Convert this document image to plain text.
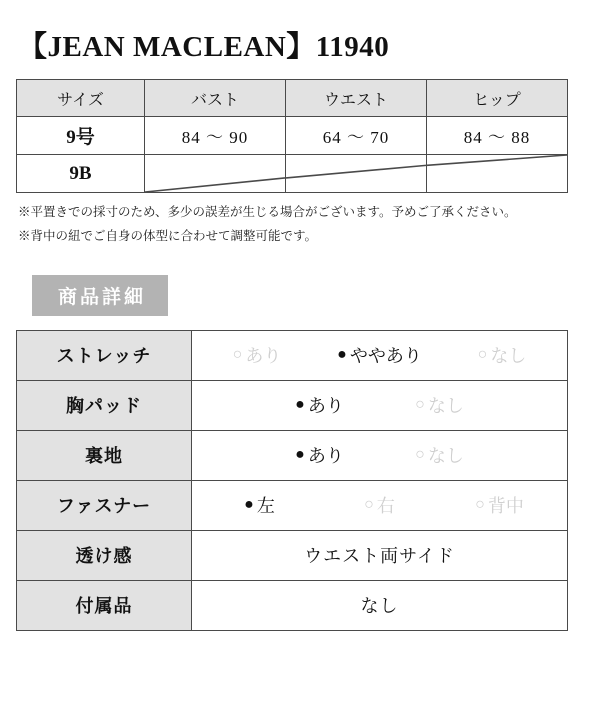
【JEAN MACLEAN】11940
サイズ	バスト	ウエスト	ヒップ
9号	84 ～ 90	64 ～ 70	84 ～ 88
9B	

※平置きでの採寸のため、多少の誤差が生じる場合がございます。予めご了承ください。
※背中の紐でご自身の体型に合わせて調整可能です。
商品詳細
ストレッチ	○ あり	● ややあり	○ なし

胸パッド	● あり ○ なし

裏地	● あり ○ なし

ファスナー	● 左	○ 右	○ 背中

透け感	ウエスト両サイド
付属品	なし
